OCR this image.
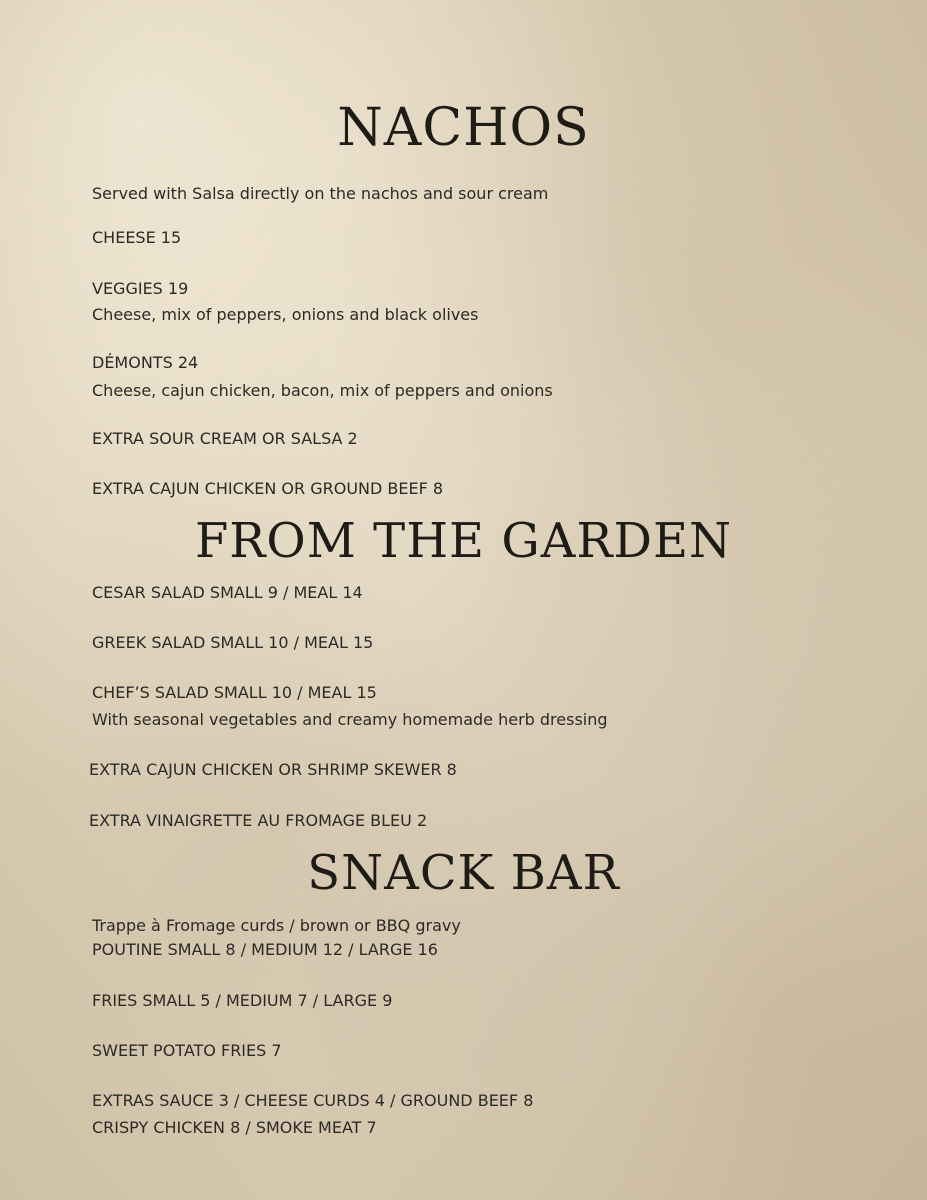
NACHOS

Served with Salsa directly on the nachos and sour cream

CHEESE 15

VEGGIES 19

Cheese, mix of peppers, onions and black olives

DÉMONTS 24

Cheese, cajun chicken, bacon, mix of peppers and onions

EXTRA SOUR CREAM OR SALSA 2

EXTRA CAJUN CHICKEN OR GROUND BEEF 8

FROM THE GARDEN

CESAR SALAD SMALL 9 / MEAL 14

GREEK SALAD SMALL 10 / MEAL 15

CHEF’S SALAD SMALL 10 / MEAL 15

With seasonal vegetables and creamy homemade herb dressing

EXTRA CAJUN CHICKEN OR SHRIMP SKEWER 8

EXTRA VINAIGRETTE AU FROMAGE BLEU 2

SNACK BAR

Trappe à Fromage curds / brown or BBQ gravy

POUTINE SMALL 8 / MEDIUM 12 / LARGE 16

FRIES SMALL 5 / MEDIUM 7 / LARGE 9

SWEET POTATO FRIES 7

EXTRAS SAUCE 3 / CHEESE CURDS 4 / GROUND BEEF 8

CRISPY CHICKEN 8 / SMOKE MEAT 7
